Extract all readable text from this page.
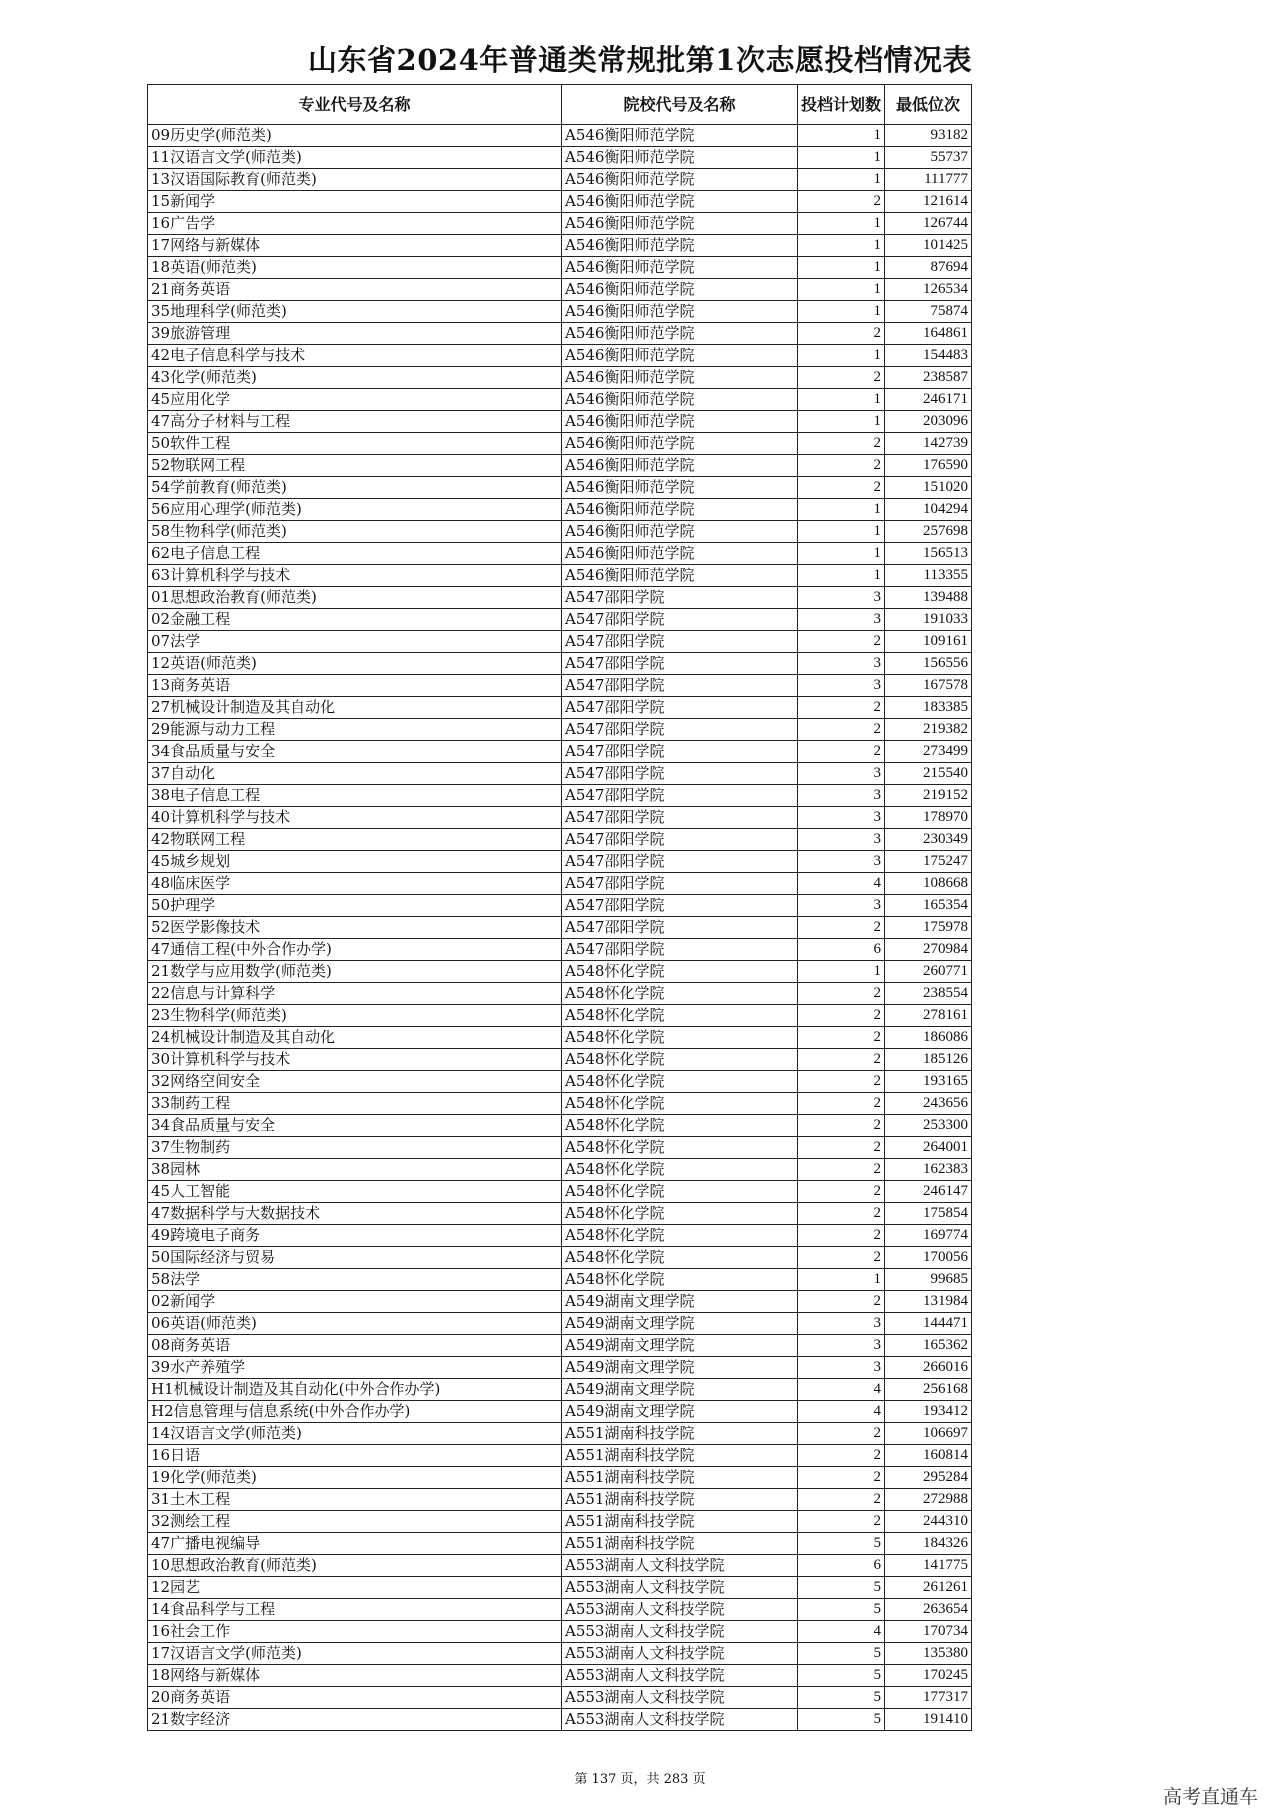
山东省2024年普通类常规批第1次志愿投档情况表
专业代号及名称	院校代号及名称	投档计划数	最低位次
09历史学(师范类)	A546衡阳师范学院	1	93182
11汉语言文学(师范类)	A546衡阳师范学院	1	55737
13汉语国际教育(师范类)	A546衡阳师范学院	1	111777
15新闻学	A546衡阳师范学院	2	121614
16广告学	A546衡阳师范学院	1	126744
17网络与新媒体	A546衡阳师范学院	1	101425
18英语(师范类)	A546衡阳师范学院	1	87694
21商务英语	A546衡阳师范学院	1	126534
35地理科学(师范类)	A546衡阳师范学院	1	75874
39旅游管理	A546衡阳师范学院	2	164861
42电子信息科学与技术	A546衡阳师范学院	1	154483
43化学(师范类)	A546衡阳师范学院	2	238587
45应用化学	A546衡阳师范学院	1	246171
47高分子材料与工程	A546衡阳师范学院	1	203096
50软件工程	A546衡阳师范学院	2	142739
52物联网工程	A546衡阳师范学院	2	176590
54学前教育(师范类)	A546衡阳师范学院	2	151020
56应用心理学(师范类)	A546衡阳师范学院	1	104294
58生物科学(师范类)	A546衡阳师范学院	1	257698
62电子信息工程	A546衡阳师范学院	1	156513
63计算机科学与技术	A546衡阳师范学院	1	113355
01思想政治教育(师范类)	A547邵阳学院	3	139488
02金融工程	A547邵阳学院	3	191033
07法学	A547邵阳学院	2	109161
12英语(师范类)	A547邵阳学院	3	156556
13商务英语	A547邵阳学院	3	167578
27机械设计制造及其自动化	A547邵阳学院	2	183385
29能源与动力工程	A547邵阳学院	2	219382
34食品质量与安全	A547邵阳学院	2	273499
37自动化	A547邵阳学院	3	215540
38电子信息工程	A547邵阳学院	3	219152
40计算机科学与技术	A547邵阳学院	3	178970
42物联网工程	A547邵阳学院	3	230349
45城乡规划	A547邵阳学院	3	175247
48临床医学	A547邵阳学院	4	108668
50护理学	A547邵阳学院	3	165354
52医学影像技术	A547邵阳学院	2	175978
47通信工程(中外合作办学)	A547邵阳学院	6	270984
21数学与应用数学(师范类)	A548怀化学院	1	260771
22信息与计算科学	A548怀化学院	2	238554
23生物科学(师范类)	A548怀化学院	2	278161
24机械设计制造及其自动化	A548怀化学院	2	186086
30计算机科学与技术	A548怀化学院	2	185126
32网络空间安全	A548怀化学院	2	193165
33制药工程	A548怀化学院	2	243656
34食品质量与安全	A548怀化学院	2	253300
37生物制药	A548怀化学院	2	264001
38园林	A548怀化学院	2	162383
45人工智能	A548怀化学院	2	246147
47数据科学与大数据技术	A548怀化学院	2	175854
49跨境电子商务	A548怀化学院	2	169774
50国际经济与贸易	A548怀化学院	2	170056
58法学	A548怀化学院	1	99685
02新闻学	A549湖南文理学院	2	131984
06英语(师范类)	A549湖南文理学院	3	144471
08商务英语	A549湖南文理学院	3	165362
39水产养殖学	A549湖南文理学院	3	266016
H1机械设计制造及其自动化(中外合作办学)	A549湖南文理学院	4	256168
H2信息管理与信息系统(中外合作办学)	A549湖南文理学院	4	193412
14汉语言文学(师范类)	A551湖南科技学院	2	106697
16日语	A551湖南科技学院	2	160814
19化学(师范类)	A551湖南科技学院	2	295284
31土木工程	A551湖南科技学院	2	272988
32测绘工程	A551湖南科技学院	2	244310
47广播电视编导	A551湖南科技学院	5	184326
10思想政治教育(师范类)	A553湖南人文科技学院	6	141775
12园艺	A553湖南人文科技学院	5	261261
14食品科学与工程	A553湖南人文科技学院	5	263654
16社会工作	A553湖南人文科技学院	4	170734
17汉语言文学(师范类)	A553湖南人文科技学院	5	135380
18网络与新媒体	A553湖南人文科技学院	5	170245
20商务英语	A553湖南人文科技学院	5	177317
21数字经济	A553湖南人文科技学院	5	191410
第 137 页，共 283 页
高考直通车
